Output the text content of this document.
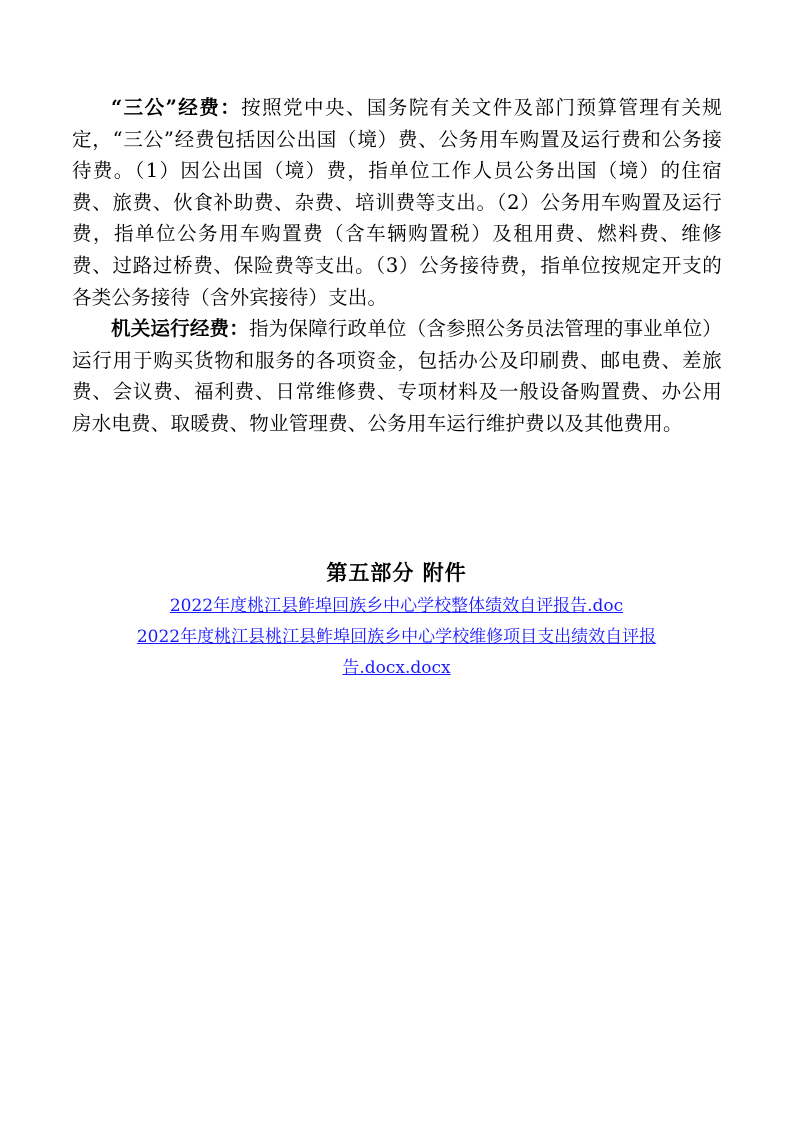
“三公”经费：按照党中央、国务院有关文件及部门预算管理有关规定，“三公”经费包括因公出国（境）费、公务用车购置及运行费和公务接待费。（1）因公出国（境）费，指单位工作人员公务出国（境）的住宿费、旅费、伙食补助费、杂费、培训费等支出。（2）公务用车购置及运行费，指单位公务用车购置费（含车辆购置税）及租用费、燃料费、维修费、过路过桥费、保险费等支出。（3）公务接待费，指单位按规定开支的各类公务接待（含外宾接待）支出。

机关运行经费：指为保障行政单位（含参照公务员法管理的事业单位）运行用于购买货物和服务的各项资金，包括办公及印刷费、邮电费、差旅费、会议费、福利费、日常维修费、专项材料及一般设备购置费、办公用房水电费、取暖费、物业管理费、公务用车运行维护费以及其他费用。

第五部分 附件
2022年度桃江县鲊埠回族乡中心学校整体绩效自评报告.doc
2022年度桃江县桃江县鲊埠回族乡中心学校维修项目支出绩效自评报告.docx.docx
